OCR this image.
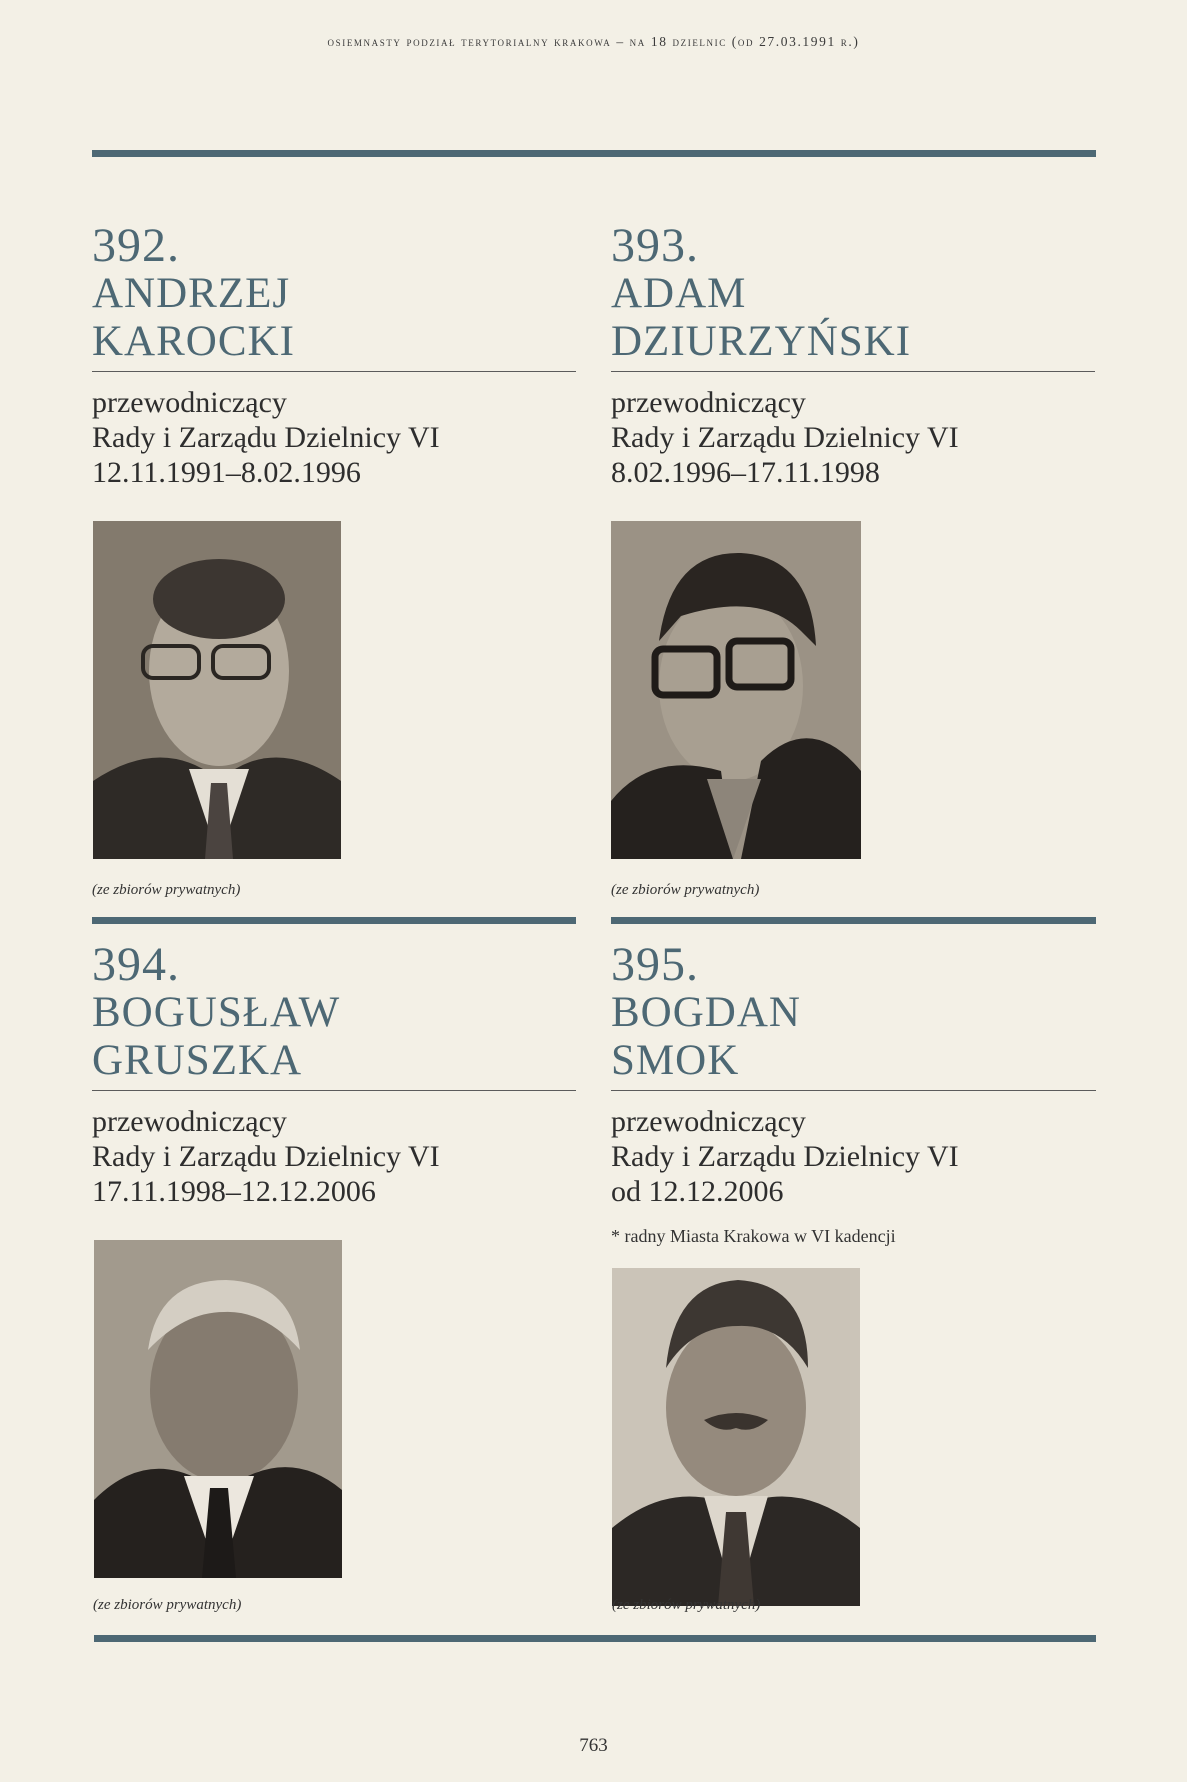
osiemnasty podział terytorialny krakowa – na 18 dzielnic (od 27.03.1991 r.)
392.
ANDRZEJ
KAROCKI
przewodniczący
Rady i Zarządu Dzielnicy VI
12.11.1991–8.02.1996
(ze zbiorów prywatnych)
393.
ADAM
DZIURZYŃSKI
przewodniczący
Rady i Zarządu Dzielnicy VI
8.02.1996–17.11.1998
(ze zbiorów prywatnych)
394.
BOGUSŁAW
GRUSZKA
przewodniczący
Rady i Zarządu Dzielnicy VI
17.11.1998–12.12.2006
(ze zbiorów prywatnych)
395.
BOGDAN
SMOK
przewodniczący
Rady i Zarządu Dzielnicy VI
od 12.12.2006
* radny Miasta Krakowa w VI kadencji
(ze zbiorów prywatnych)
763
